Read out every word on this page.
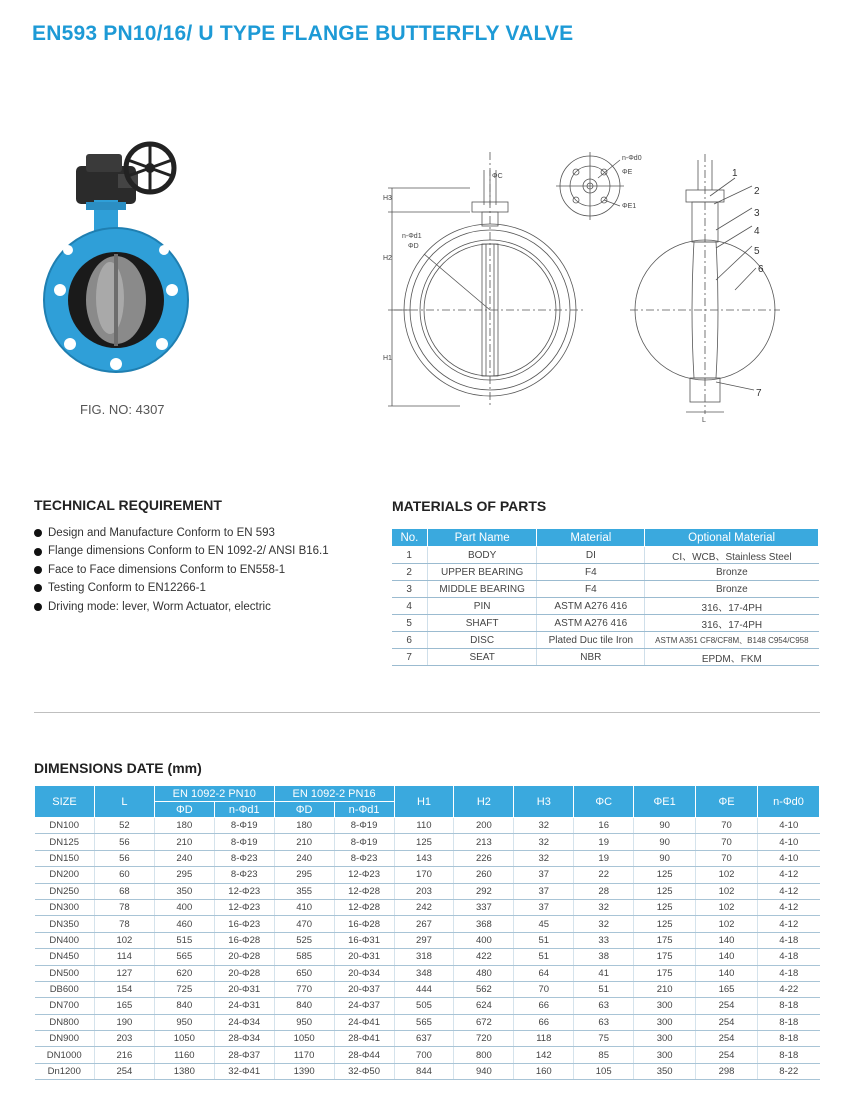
EN593 PN10/16/ U TYPE FLANGE BUTTERFLY VALVE
FIG. NO: 4307
H3
H2
H1
ΦC
n-Φd1
ΦD
n-Φd0
ΦE
ΦE1
L
1
2
3
4
5
6
7
TECHNICAL REQUIREMENT
Design and Manufacture Conform to EN 593
Flange dimensions Conform to EN 1092-2/ ANSI B16.1
Face to Face dimensions Conform to EN558-1
Testing Conform to EN12266-1
Driving mode: lever, Worm Actuator, electric
MATERIALS OF PARTS
No.	Part Name	Material	Optional Material
1	BODY	DI	CI、WCB、Stainless Steel
2	UPPER BEARING	F4	Bronze
3	MIDDLE BEARING	F4	Bronze
4	PIN	ASTM A276 416	316、17-4PH
5	SHAFT	ASTM A276 416	316、17-4PH
6	DISC	Plated Duc tile Iron	ASTM A351 CF8/CF8M、B148 C954/C958
7	SEAT	NBR	EPDM、FKM
DIMENSIONS DATE (mm)
SIZE	L	EN 1092-2 PN10		EN 1092-2 PN16		H1	H2	H3	ΦC	ΦE1	ΦE	n-Φd0
		ΦD	n-Φd1	ΦD	n-Φd1							
DN100	52	180	8-Φ19	180	8-Φ19	110	200	32	16	90	70	4-10
DN125	56	210	8-Φ19	210	8-Φ19	125	213	32	19	90	70	4-10
DN150	56	240	8-Φ23	240	8-Φ23	143	226	32	19	90	70	4-10
DN200	60	295	8-Φ23	295	12-Φ23	170	260	37	22	125	102	4-12
DN250	68	350	12-Φ23	355	12-Φ28	203	292	37	28	125	102	4-12
DN300	78	400	12-Φ23	410	12-Φ28	242	337	37	32	125	102	4-12
DN350	78	460	16-Φ23	470	16-Φ28	267	368	45	32	125	102	4-12
DN400	102	515	16-Φ28	525	16-Φ31	297	400	51	33	175	140	4-18
DN450	114	565	20-Φ28	585	20-Φ31	318	422	51	38	175	140	4-18
DN500	127	620	20-Φ28	650	20-Φ34	348	480	64	41	175	140	4-18
DB600	154	725	20-Φ31	770	20-Φ37	444	562	70	51	210	165	4-22
DN700	165	840	24-Φ31	840	24-Φ37	505	624	66	63	300	254	8-18
DN800	190	950	24-Φ34	950	24-Φ41	565	672	66	63	300	254	8-18
DN900	203	1050	28-Φ34	1050	28-Φ41	637	720	118	75	300	254	8-18
DN1000	216	1160	28-Φ37	1170	28-Φ44	700	800	142	85	300	254	8-18
Dn1200	254	1380	32-Φ41	1390	32-Φ50	844	940	160	105	350	298	8-22
